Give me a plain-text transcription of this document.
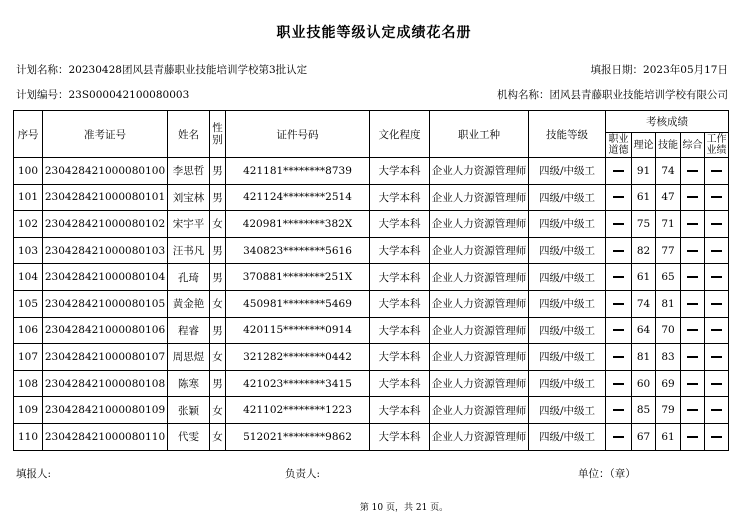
职业技能等级认定成绩花名册
计划名称：20230428团风县青藤职业技能培训学校第3批认定	填报日期：2023年05月17日
计划编号：23S000042100080003	机构名称：团风县青藤职业技能培训学校有限公司
序号	准考证号	姓名	性别	证件号码	文化程度	职业工种	技能等级	考核成绩				
								职业道德	理论	技能	综合	工作业绩
100	230428421000080100	李思哲	男	421181********8739	大学本科	企业人力资源管理师	四级/中级工		91	74		
101	230428421000080101	刘宝林	男	421124********2514	大学本科	企业人力资源管理师	四级/中级工		61	47		
102	230428421000080102	宋宇平	女	420981********382X	大学本科	企业人力资源管理师	四级/中级工		75	71		
103	230428421000080103	汪书凡	男	340823********5616	大学本科	企业人力资源管理师	四级/中级工		82	77		
104	230428421000080104	孔琦	男	370881********251X	大学本科	企业人力资源管理师	四级/中级工		61	65		
105	230428421000080105	黄金艳	女	450981********5469	大学本科	企业人力资源管理师	四级/中级工		74	81		
106	230428421000080106	程睿	男	420115********0914	大学本科	企业人力资源管理师	四级/中级工		64	70		
107	230428421000080107	周思煜	女	321282********0442	大学本科	企业人力资源管理师	四级/中级工		81	83		
108	230428421000080108	陈寒	男	421023********3415	大学本科	企业人力资源管理师	四级/中级工		60	69		
109	230428421000080109	张颖	女	421102********1223	大学本科	企业人力资源管理师	四级/中级工		85	79		
110	230428421000080110	代雯	女	512021********9862	大学本科	企业人力资源管理师	四级/中级工		67	61		
填报人:	负责人:	单位：（章）
第 10 页，共 21 页。
